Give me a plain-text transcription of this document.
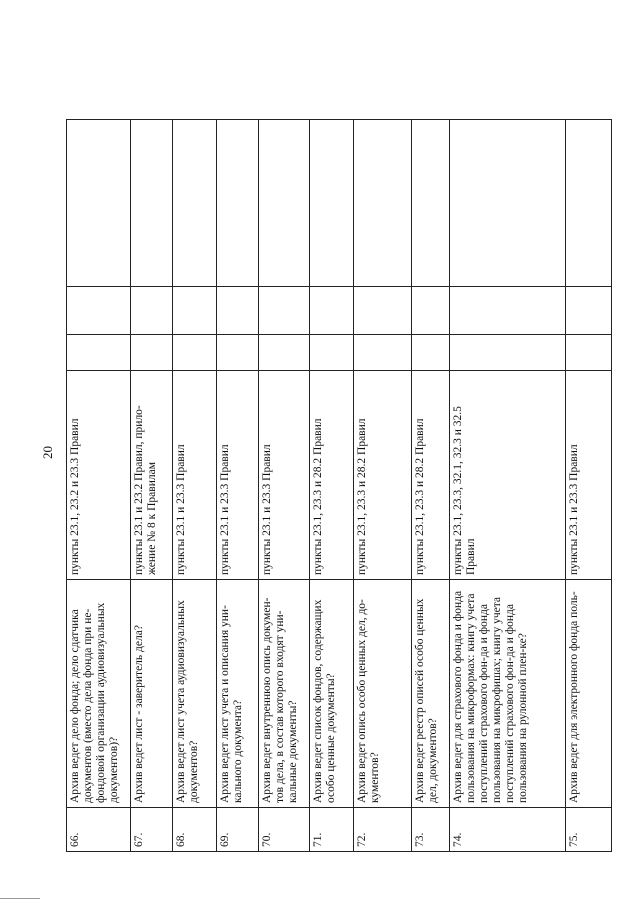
20
66.
Архив ведет дело фонда; дело сдатчика документов (вместо дела фонда при не-фондовой организации аудиовизуальных документов)?
пункты 23.1, 23.2 и 23.3 Правил
67.
Архив ведет лист - заверитель дела?
пункты 23.1 и 23.2 Правил, прило-жение № 8 к Правилам
68.
Архив ведет лист учета аудиовизуальных документов?
пункты 23.1 и 23.3 Правил
69.
Архив ведет лист учета и описания уни-кального документа?
пункты 23.1 и 23.3 Правил
70.
Архив ведет внутреннюю опись докумен-тов дела, в состав которого входят уни-кальные документы?
пункты 23.1 и 23.3 Правил
71.
Архив ведет список фондов, содержащих особо ценные документы?
пункты 23.1, 23.3 и 28.2 Правил
72.
Архив ведет опись особо ценных дел, до-кументов?
пункты 23.1, 23.3 и 28.2 Правил
73.
Архив ведет реестр описей особо ценных дел, документов?
пункты 23.1, 23.3 и 28.2 Правил
74.
Архив ведет для страхового фонда и фонда пользования на микроформах: книгу учета поступлений страхового фон-да и фонда пользования на микрофишах; книгу учета поступлений страхового фон-да и фонда пользования на рулонной плен-ке?
пункты 23.1, 23.3, 32.1, 32.3 и 32.5 Правил
75.
Архив ведет для электронного фонда поль-
пункты 23.1 и 23.3 Правил
